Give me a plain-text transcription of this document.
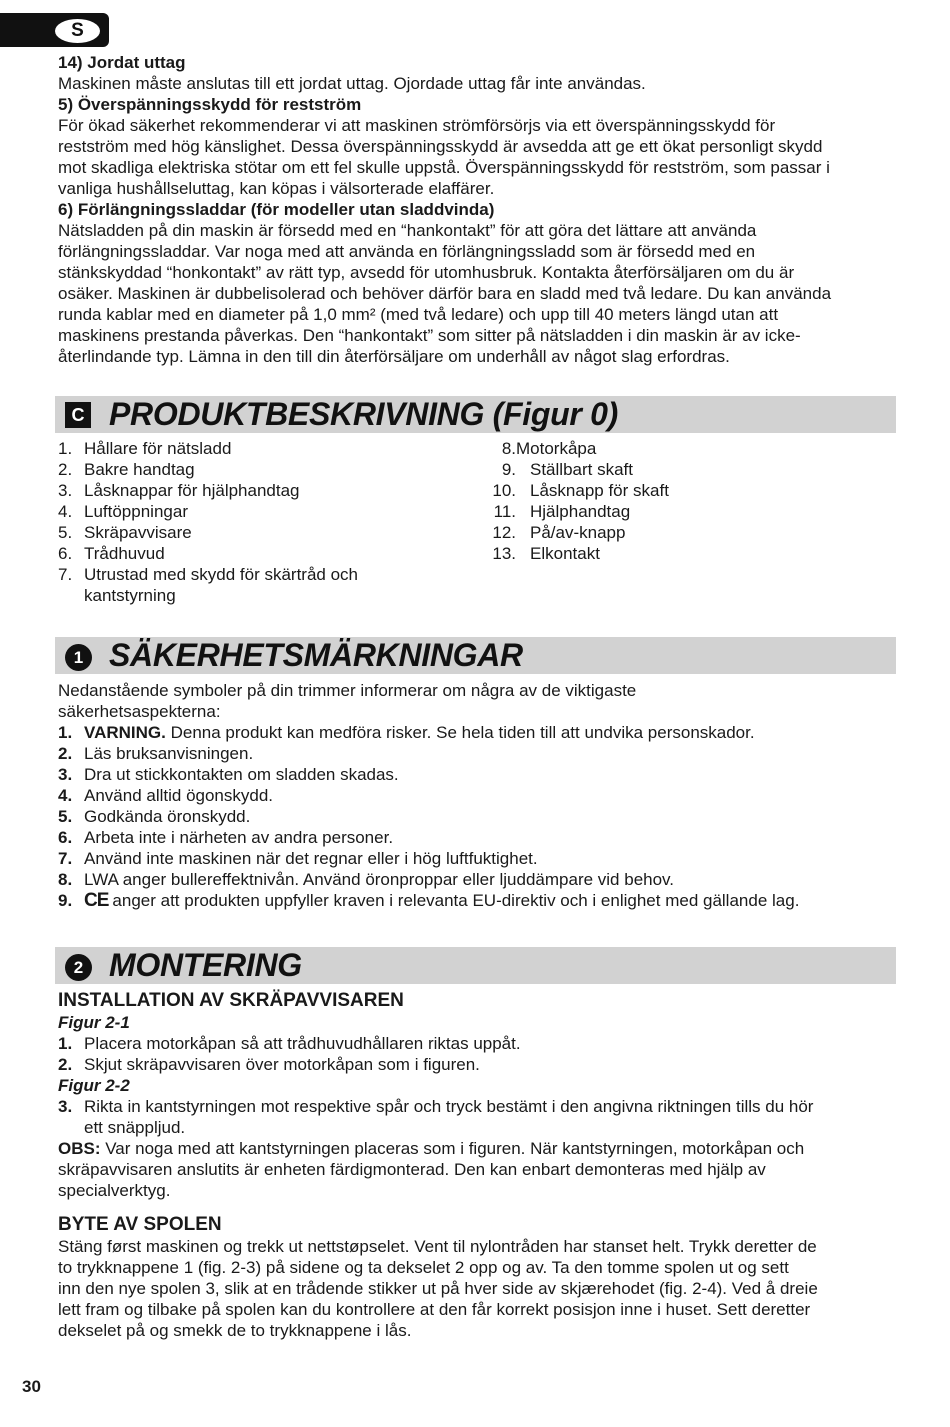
S

14) Jordat uttag

Maskinen måste anslutas till ett jordat uttag. Ojordade uttag får inte användas.

5) Överspänningsskydd för restström

För ökad säkerhet rekommenderar vi att maskinen strömförsörjs via ett överspänningsskydd för

restström med hög känslighet. Dessa överspänningsskydd är avsedda att ge ett ökat personligt skydd

mot skadliga elektriska stötar om ett fel skulle uppstå. Överspänningsskydd för restström, som passar i

vanliga hushållseluttag, kan köpas i välsorterade elaffärer.

6) Förlängningssladdar (för modeller utan sladdvinda)

Nätsladden på din maskin är försedd med en “hankontakt” för att göra det lättare att använda

förlängningssladdar. Var noga med att använda en förlängningssladd som är försedd med en

stänkskyddad “honkontakt” av rätt typ, avsedd för utomhusbruk. Kontakta återförsäljaren om du är

osäker. Maskinen är dubbelisolerad och behöver därför bara en sladd med två ledare. Du kan använda

runda kablar med en diameter på 1,0 mm² (med två ledare) och upp till 40 meters längd utan att

maskinens prestanda påverkas. Den “hankontakt” som sitter på nätsladden i din maskin är av icke-

återlindande typ. Lämna in den till din återförsäljare om underhåll av något slag erfordras.

C PRODUKTBESKRIVNING (Figur 0)
1. Hållare för nätsladd
2. Bakre handtag
3. Låsknappar för hjälphandtag
4. Luftöppningar
5. Skräpavvisare
6. Trådhuvud
7. Utrustad med skydd för skärtråd och
kantstyrning
8. Motorkåpa
9. Ställbart skaft
10. Låsknapp för skaft
11. Hjälphandtag
12. På/av-knapp
13. Elkontakt
1 SÄKERHETSMÄRKNINGAR

Nedanstående symboler på din trimmer informerar om några av de viktigaste

säkerhetsaspekterna:

1. VARNING. Denna produkt kan medföra risker. Se hela tiden till att undvika personskador.
2. Läs bruksanvisningen.
3. Dra ut stickkontakten om sladden skadas.
4. Använd alltid ögonskydd.
5. Godkända öronskydd.
6. Arbeta inte i närheten av andra personer.
7. Använd inte maskinen när det regnar eller i hög luftfuktighet.
8. LWA anger bullereffektnivån. Använd öronproppar eller ljuddämpare vid behov.
9. CE anger att produkten uppfyller kraven i relevanta EU-direktiv och i enlighet med gällande lag.
2 MONTERING

INSTALLATION AV SKRÄPAVVISAREN

Figur 2-1

1. Placera motorkåpan så att trådhuvudhållaren riktas uppåt.
2. Skjut skräpavvisaren över motorkåpan som i figuren.

Figur 2-2

3. Rikta in kantstyrningen mot respektive spår och tryck bestämt i den angivna riktningen tills du hör
ett snäppljud.

OBS: Var noga med att kantstyrningen placeras som i figuren. När kantstyrningen, motorkåpan och

skräpavvisaren anslutits är enheten färdigmonterad. Den kan enbart demonteras med hjälp av

specialverktyg.

BYTE AV SPOLEN

Stäng først maskinen og trekk ut nettstøpselet. Vent til nylontråden har stanset helt. Trykk deretter de

to trykknappene 1 (fig. 2-3) på sidene og ta dekselet 2 opp og av. Ta den tomme spolen ut og sett

inn den nye spolen 3, slik at en trådende stikker ut på hver side av skjærehodet (fig. 2-4). Ved å dreie

lett fram og tilbake på spolen kan du kontrollere at den får korrekt posisjon inne i huset. Sett deretter

dekselet på og smekk de to trykknappene i lås.

30
